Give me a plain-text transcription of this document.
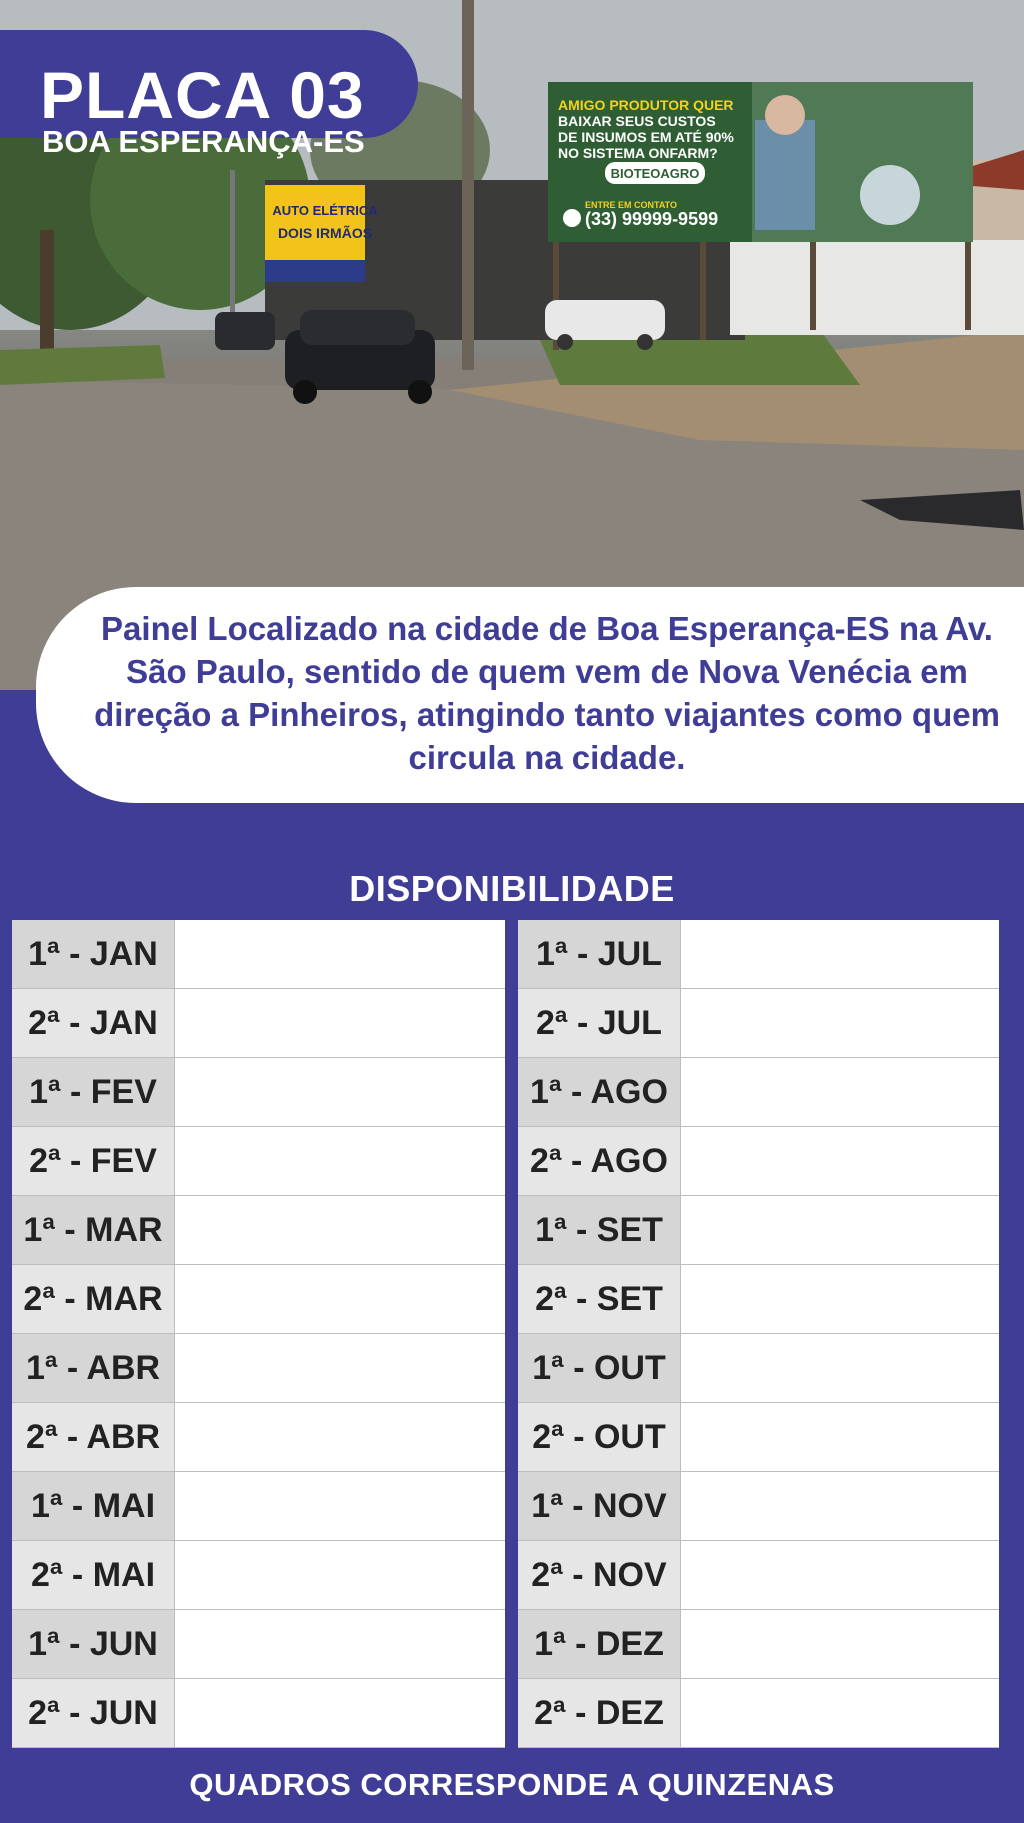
AUTO ELÉTRICA
DOIS IRMÃOS
AMIGO PRODUTOR QUER
BAIXAR SEUS CUSTOS
DE INSUMOS EM ATÉ 90%
NO SISTEMA ONFARM?
BIOTEOAGRO
ENTRE EM CONTATO
(33) 99999-9599
PLACA 03
BOA ESPERANÇA-ES

Painel Localizado na cidade de Boa Esperança-ES na Av. São Paulo, sentido de quem vem de Nova Venécia em direção a Pinheiros, atingindo tanto viajantes como quem circula na cidade.

DISPONIBILIDADE
1ª - JAN
2ª - JAN
1ª - FEV
2ª - FEV
1ª - MAR
2ª - MAR
1ª - ABR
2ª - ABR
1ª - MAI
2ª - MAI
1ª - JUN
2ª - JUN
1ª - JUL
2ª - JUL
1ª - AGO
2ª - AGO
1ª - SET
2ª - SET
1ª - OUT
2ª - OUT
1ª - NOV
2ª - NOV
1ª - DEZ
2ª - DEZ
QUADROS CORRESPONDE A QUINZENAS
